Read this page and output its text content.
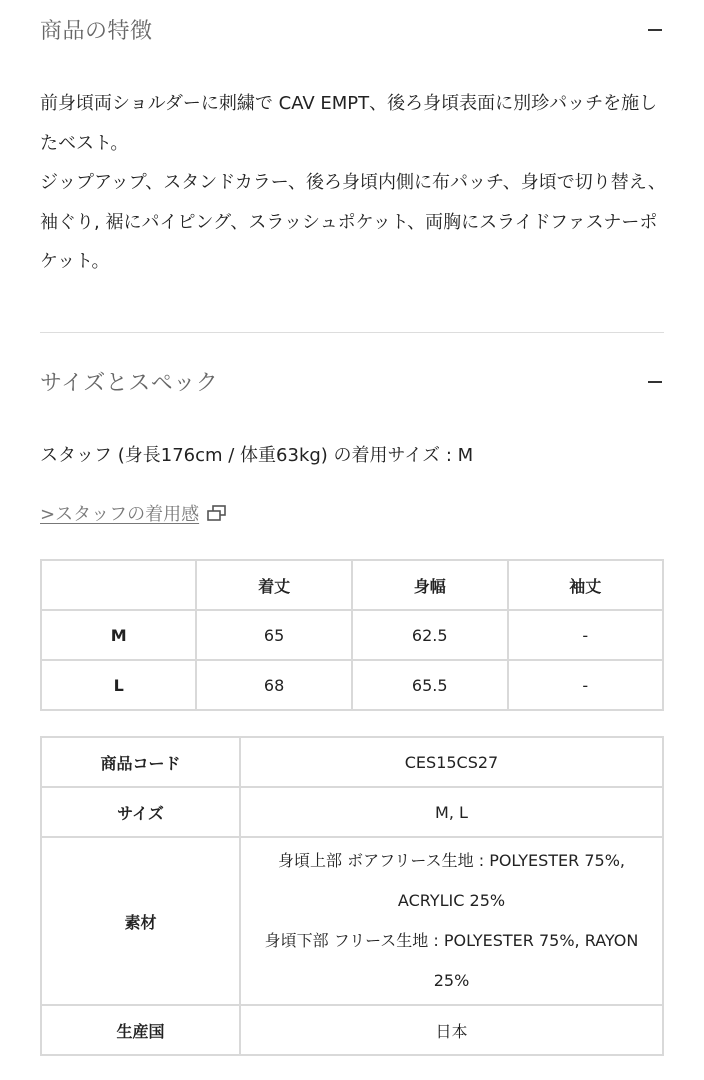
商品の特徴

前身頃両ショルダーに刺繍で CAV EMPT、後ろ身頃表面に別珍パッチを施したベスト。

ジップアップ、スタンドカラー、後ろ身頃内側に布パッチ、身頃で切り替え、袖ぐり, 裾にパイピング、スラッシュポケット、両胸にスライドファスナーポケット。

サイズとスペック
スタッフ (身長176cm / 体重63kg) の着用サイズ : M
>スタッフの着用感
	着丈	身幅	袖丈
M	65	62.5	-
L	68	65.5	-
商品コード	CES15CS27
サイズ	M, L
素材	身頃上部 ボアフリース生地 : POLYESTER 75%, ACRYLIC 25%
身頃下部 フリース生地 : POLYESTER 75%, RAYON 25%

生産国	日本
